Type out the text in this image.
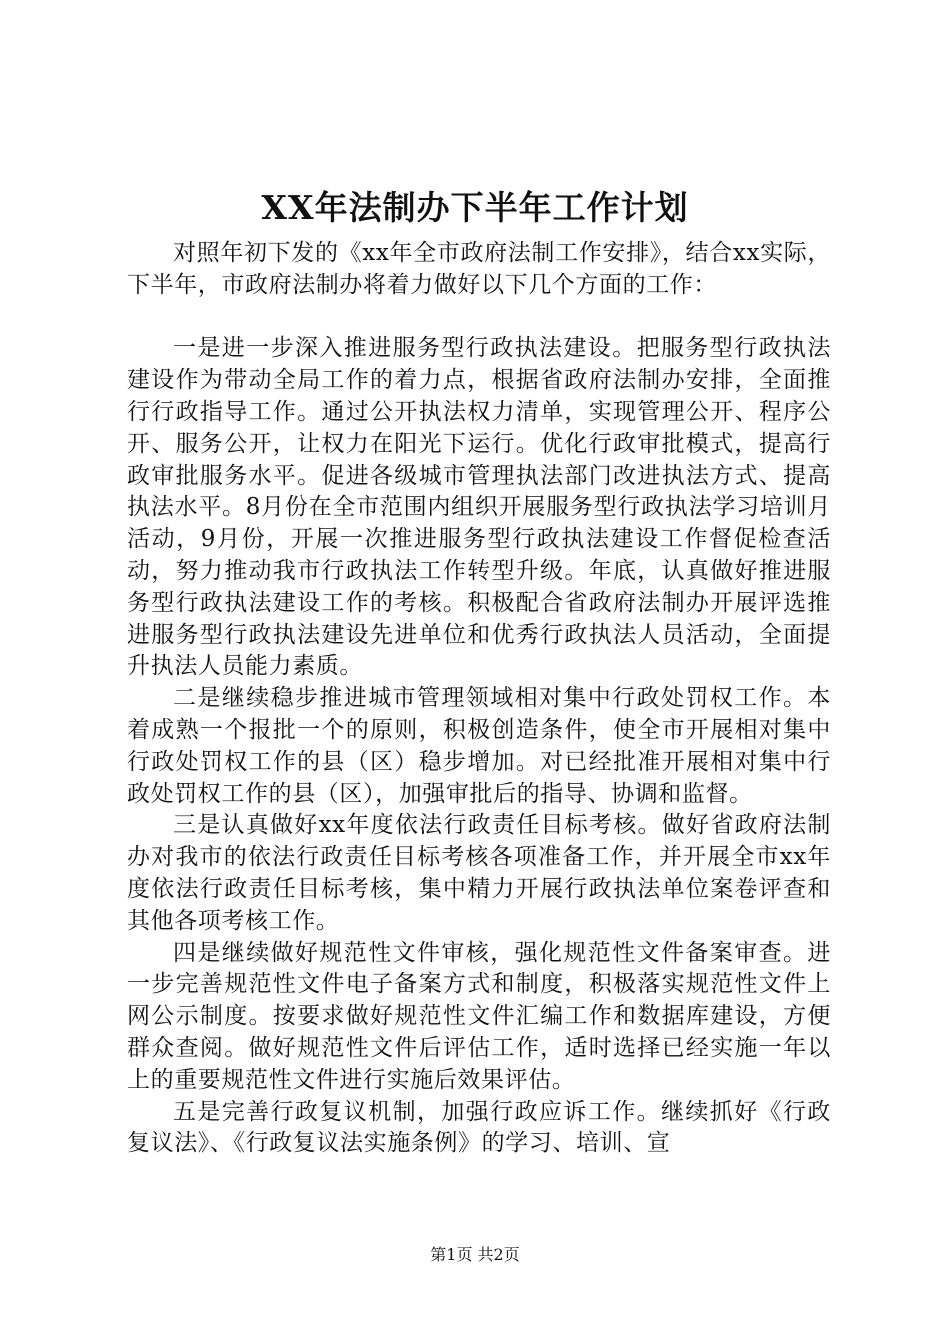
XX年法制办下半年工作计划

对照年初下发的《xx年全市政府法制工作安排》，结合xx实际，下半年，市政府法制办将着力做好以下几个方面的工作：

一是进一步深入推进服务型行政执法建设。把服务型行政执法建设作为带动全局工作的着力点，根据省政府法制办安排，全面推行行政指导工作。通过公开执法权力清单，实现管理公开、程序公开、服务公开，让权力在阳光下运行。优化行政审批模式，提高行政审批服务水平。促进各级城市管理执法部门改进执法方式、提高执法水平。8月份在全市范围内组织开展服务型行政执法学习培训月活动，9月份，开展一次推进服务型行政执法建设工作督促检查活动，努力推动我市行政执法工作转型升级。年底，认真做好推进服务型行政执法建设工作的考核。积极配合省政府法制办开展评选推进服务型行政执法建设先进单位和优秀行政执法人员活动，全面提升执法人员能力素质。

二是继续稳步推进城市管理领域相对集中行政处罚权工作。本着成熟一个报批一个的原则，积极创造条件，使全市开展相对集中行政处罚权工作的县（区）稳步增加。对已经批准开展相对集中行政处罚权工作的县（区），加强审批后的指导、协调和监督。

三是认真做好xx年度依法行政责任目标考核。做好省政府法制办对我市的依法行政责任目标考核各项准备工作，并开展全市xx年度依法行政责任目标考核，集中精力开展行政执法单位案卷评查和其他各项考核工作。

四是继续做好规范性文件审核，强化规范性文件备案审查。进一步完善规范性文件电子备案方式和制度，积极落实规范性文件上网公示制度。按要求做好规范性文件汇编工作和数据库建设，方便群众查阅。做好规范性文件后评估工作，适时选择已经实施一年以上的重要规范性文件进行实施后效果评估。

五是完善行政复议机制，加强行政应诉工作。继续抓好《行政复议法》、《行政复议法实施条例》的学习、培训、宣

第1页 共2页
